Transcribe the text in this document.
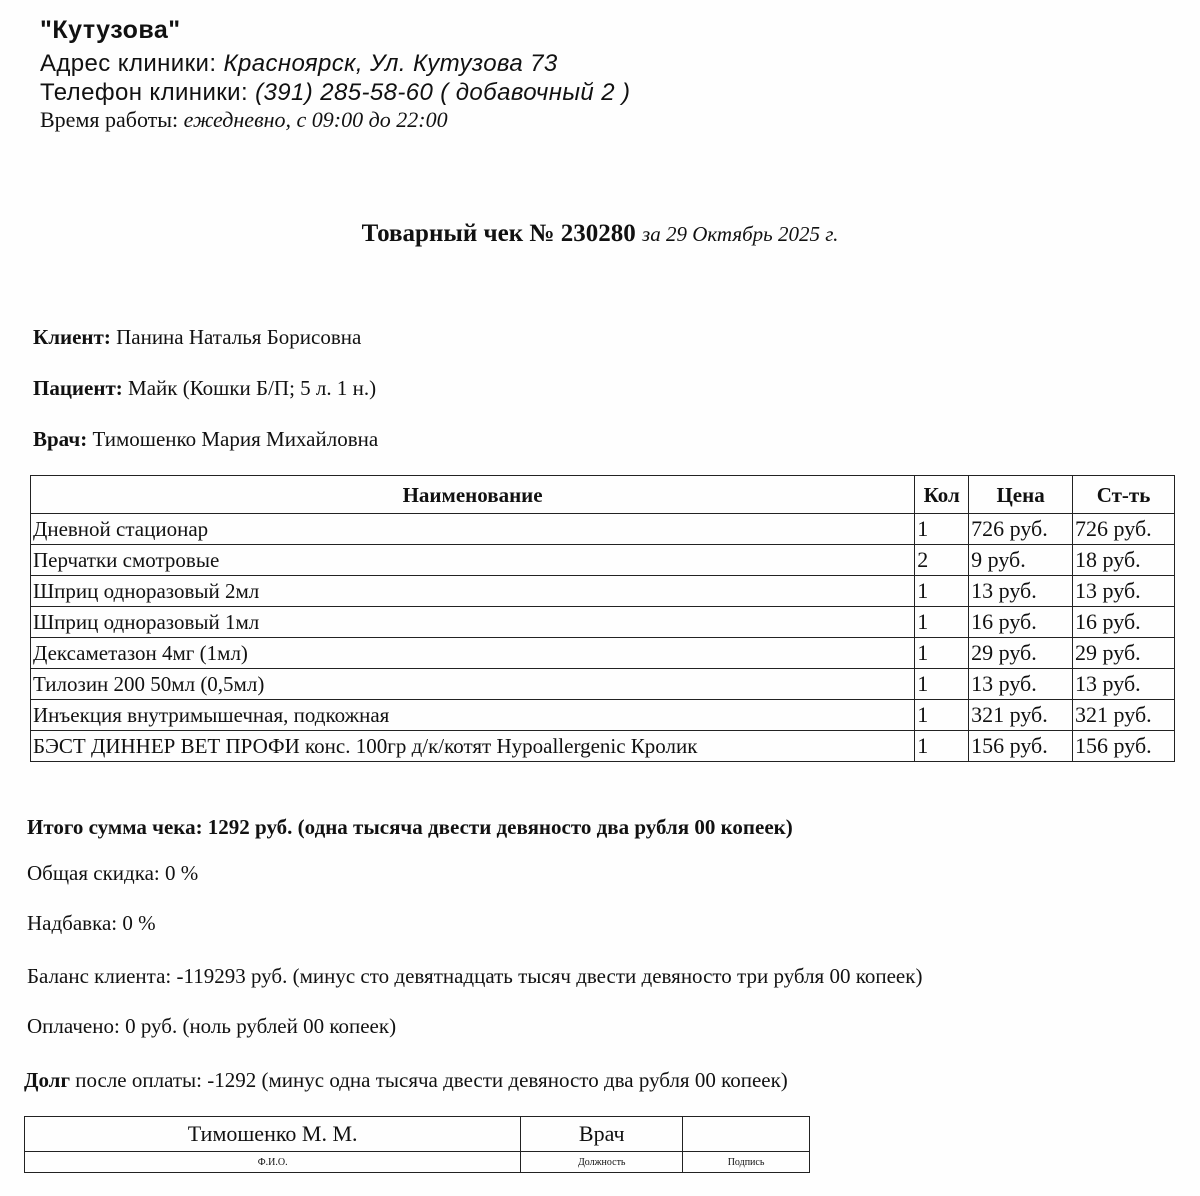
"Кутузова"
Адрес клиники: Красноярск, Ул. Кутузова 73
Телефон клиники: (391) 285-58-60 ( добавочный 2 )
Время работы: ежедневно, с 09:00 до 22:00
Товарный чек № 230280 за 29 Октябрь 2025 г.
Клиент: Панина Наталья Борисовна
Пациент: Майк (Кошки Б/П; 5 л. 1 н.)
Врач: Тимошенко Мария Михайловна
Наименование	Кол	Цена	Ст-ть
Дневной стационар	1	726 руб.	726 руб.
Перчатки смотровые	2	9 руб.	18 руб.
Шприц одноразовый 2мл	1	13 руб.	13 руб.
Шприц одноразовый 1мл	1	16 руб.	16 руб.
Дексаметазон 4мг (1мл)	1	29 руб.	29 руб.
Тилозин 200 50мл (0,5мл)	1	13 руб.	13 руб.
Инъекция внутримышечная, подкожная	1	321 руб.	321 руб.
БЭСТ ДИННЕР ВЕТ ПРОФИ конс. 100гр д/к/котят Hypoallergenic Кролик	1	156 руб.	156 руб.
Итого сумма чека: 1292 руб. (одна тысяча двести девяносто два рубля 00 копеек)
Общая скидка: 0 %
Надбавка: 0 %
Баланс клиента: -119293 руб. (минус сто девятнадцать тысяч двести девяносто три рубля 00 копеек)
Оплачено: 0 руб. (ноль рублей 00 копеек)
Долг после оплаты: -1292 (минус одна тысяча двести девяносто два рубля 00 копеек)
Тимошенко М. М.	Врач	
Ф.И.О.	Должность	Подпись
